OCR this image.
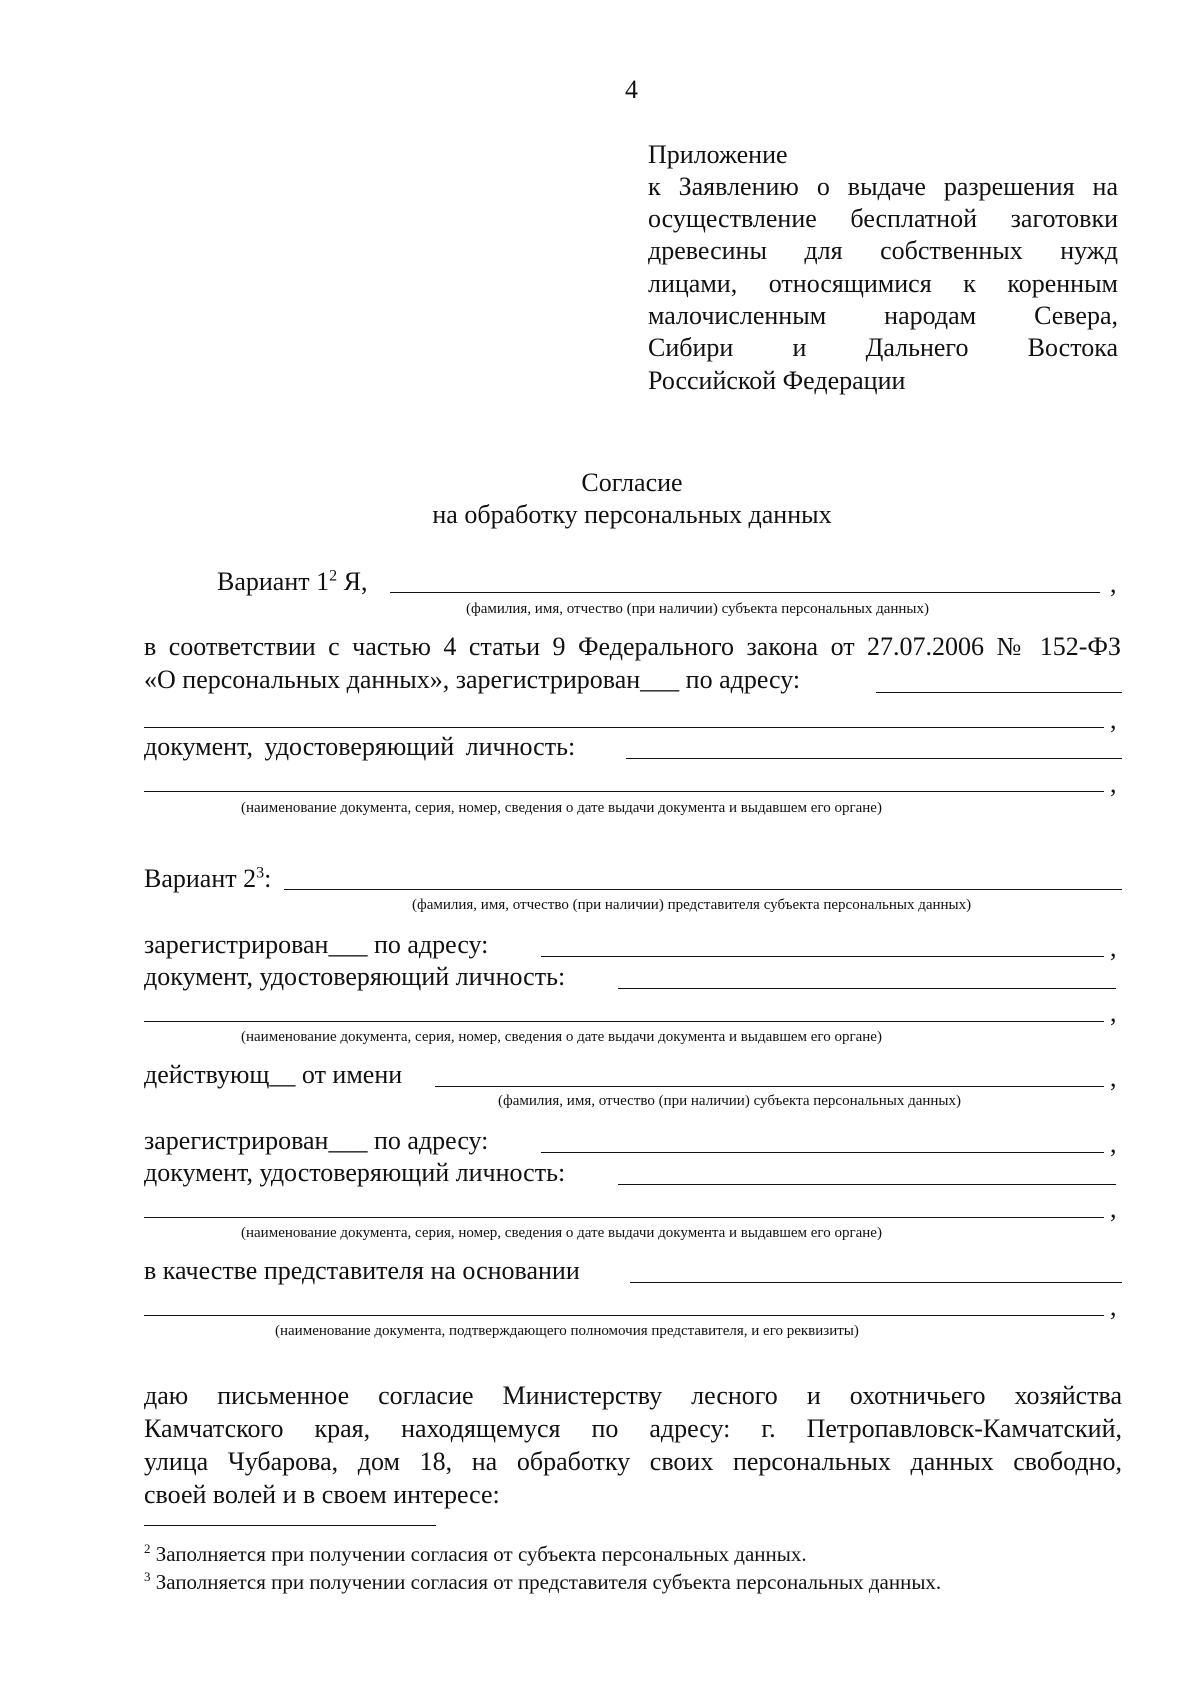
4
Приложение
к Заявлению о выдаче разрешения на
осуществление бесплатной заготовки
древесины для собственных нужд
лицами, относящимися к коренным
малочисленным народам Севера,
Сибири и Дальнего Востока
Российской Федерации
Согласие
на обработку персональных данных
Вариант $1^2$ Я,	,
(фамилия, имя, отчество (при наличии) субъекта персональных данных)
в соответствии с частью 4 статьи 9 Федерального закона от 27.07.2006 № 152-ФЗ
«О персональных данных», зарегистрирован___ по адресу:
,
документ, удостоверяющий личность:
,
(наименование документа, серия, номер, сведения о дате выдачи документа и выдавшем его органе)
Вариант $2^3$:
(фамилия, имя, отчество (при наличии) представителя субъекта персональных данных)
зарегистрирован___ по адресу:	,
документ, удостоверяющий личность:
,
(наименование документа, серия, номер, сведения о дате выдачи документа и выдавшем его органе)
действующ__ от имени	,
(фамилия, имя, отчество (при наличии) субъекта персональных данных)
зарегистрирован___ по адресу:	,
документ, удостоверяющий личность:
,
(наименование документа, серия, номер, сведения о дате выдачи документа и выдавшем его органе)
в качестве представителя на основании
,
(наименование документа, подтверждающего полномочия представителя, и его реквизиты)
даю письменное согласие Министерству лесного и охотничьего хозяйства
Камчатского края, находящемуся по адресу: г. Петропавловск-Камчатский,
улица Чубарова, дом 18, на обработку своих персональных данных свободно,
своей волей и в своем интересе:
$^2$ Заполняется при получении согласия от субъекта персональных данных.
$^3$ Заполняется при получении согласия от представителя субъекта персональных данных.
